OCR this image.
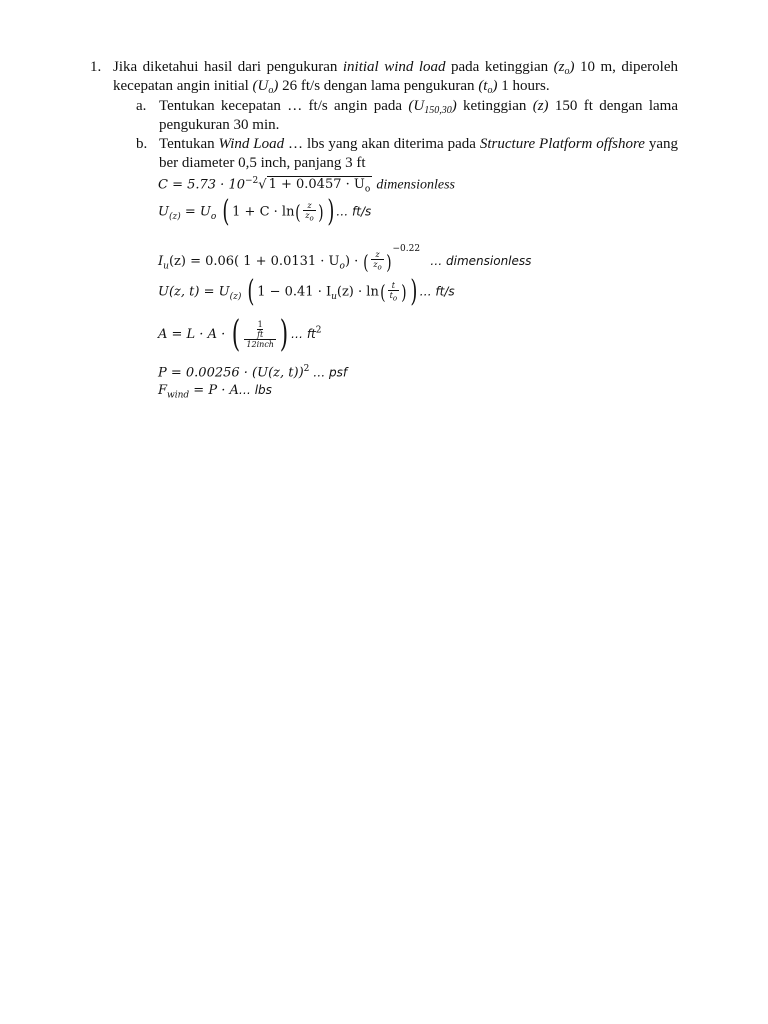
1. Jika diketahui hasil dari pengukuran initial wind load pada ketinggian $(z_o)$ 10 m, diperoleh
kecepatan angin initial $(U_o)$ 26 ft/s dengan lama pengukuran $(t_o)$ 1 hours.
a. Tentukan kecepatan … ft/s angin pada $(U_{150,30})$ ketinggian (z) 150 ft dengan lama
pengukuran 30 min.
b. Tentukan Wind Load … lbs yang akan diterima pada Structure Platform offshore yang
ber diameter 0,5 inch, panjang 3 ft
$C = 5.73 \cdot 10^{-2}√$ $1 + 0.0457 \cdot U_o$ dimensionless
$U_{(z)} = U_o$ ( $1 + C \cdot \ln( \frac{z}{z_o}$ ) ) … ft/s
$I_u(z) = 0.06$( $1 + 0.0131 \cdot U_o$) · ( $\frac{z}{z_o} )^{-0.22}$ … dimensionless
U(z, $t) = U_{(z)}$ ( $1 - 0.41 \cdot I_u(z) \cdot \ln( \frac{t}{t_o}$ ) ) … ft/s
A = L · A · ( $\frac{\frac{1}{ft}}{\text{12inch}}$ ) … $ft^2$
P = 0.00256 · (U(z, t))$^2$ … psf
$F_{wind} = P$ · A… lbs
